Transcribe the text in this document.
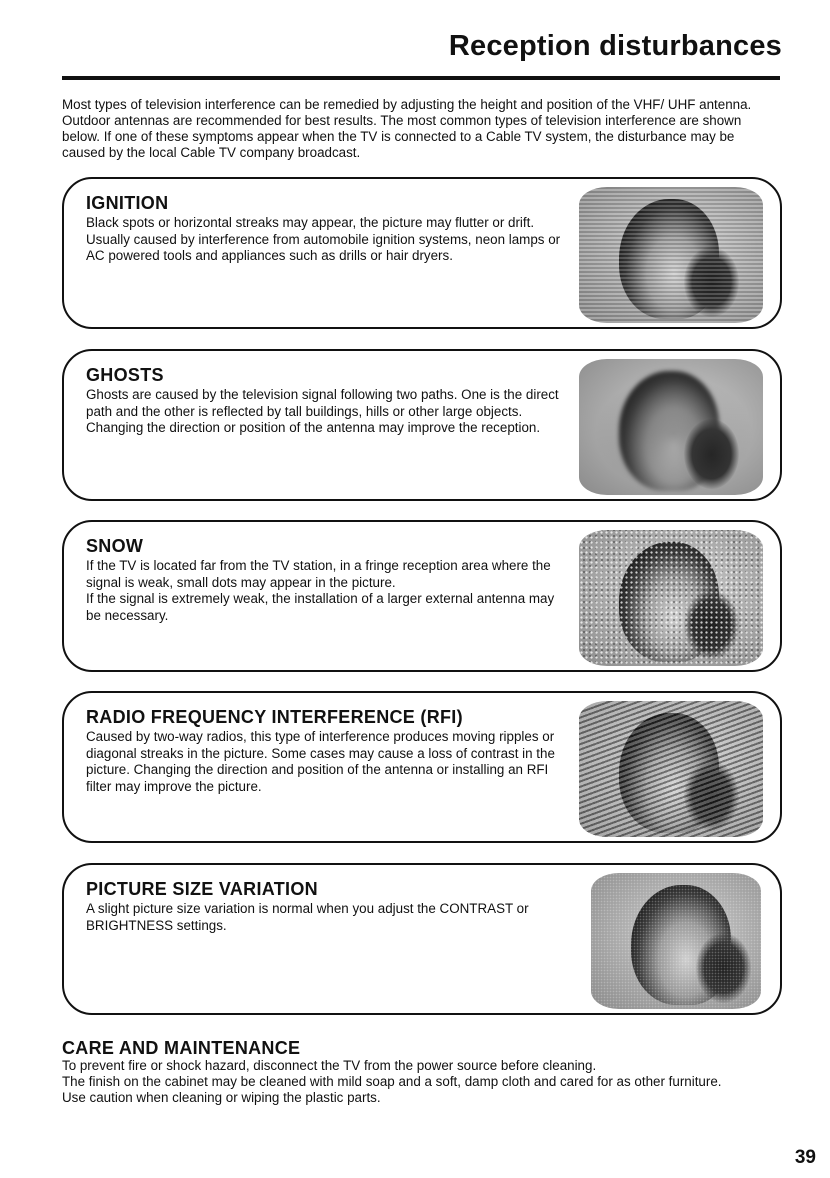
Reception disturbances

Most types of television interference can be remedied by adjusting the height and position of the VHF/ UHF antenna. Outdoor antennas are recommended for best results. The most common types of television interference are shown below. If one of these symptoms appear when the TV is connected to a Cable TV system, the disturbance may be caused by the local Cable TV company broadcast.

IGNITION

Black spots or horizontal streaks may appear, the picture may flutter or drift. Usually caused by interference from automobile ignition systems, neon lamps or AC powered tools and appliances such as drills or hair dryers.

GHOSTS

Ghosts are caused by the television signal following two paths. One is the direct path and the other is reflected by tall buildings, hills or other large objects. Changing the direction or position of the antenna may improve the reception.

SNOW

If the TV is located far from the TV station, in a fringe reception area where the signal is weak, small dots may appear in the picture.
If the signal is extremely weak, the installation of a larger external antenna may be necessary.

RADIO FREQUENCY INTERFERENCE (RFI)

Caused by two-way radios, this type of interference produces moving ripples or diagonal streaks in the picture. Some cases may cause a loss of contrast in the picture. Changing the direction and position of the antenna or installing an RFI filter may improve the picture.

PICTURE SIZE VARIATION

A slight picture size variation is normal when you adjust the CONTRAST or BRIGHTNESS settings.

CARE AND MAINTENANCE

To prevent fire or shock hazard, disconnect the TV from the power source before cleaning.
The finish on the cabinet may be cleaned with mild soap and a soft, damp cloth and cared for as other furniture.
Use caution when cleaning or wiping the plastic parts.

39
